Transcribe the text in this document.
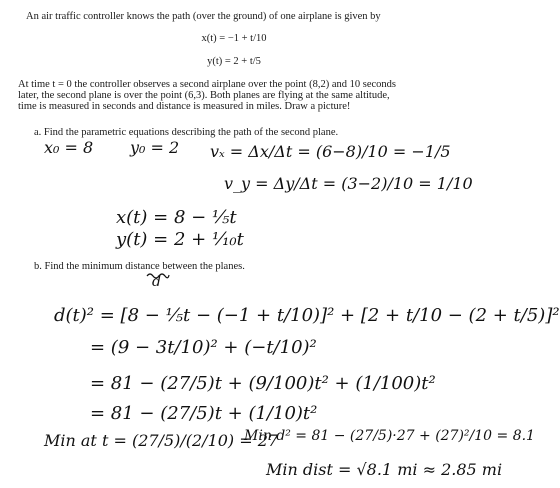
An air traffic controller knows the path (over the ground) of one airplane is given by
x(t) = −1 + t/10
y(t) = 2 + t/5
At time t = 0 the controller observes a second airplane over the point (8,2) and 10 seconds
later, the second plane is over the point (6,3). Both planes are flying at the same altitude,
time is measured in seconds and distance is measured in miles. Draw a picture!
a. Find the parametric equations describing the path of the second plane.
x₀ = 8 y₀ = 2 vₓ = Δx/Δt = (6−8)/10 = −1/5
v_y = Δy/Δt = (3−2)/10 = 1/10
x(t) = 8 − ⅕t
y(t) = 2 + ⅒t
b. Find the minimum distance between the planes.
d
d(t)² = [8 − ⅕t − (−1 + t/10)]² + [2 + t/10 − (2 + t/5)]²
= (9 − 3t/10)² + (−t/10)²
= 81 − (27/5)t + (9/100)t² + (1/100)t²
= 81 − (27/5)t + (1/10)t²
Min at t = (27/5)/(2/10) = 27
Min d² = 81 − (27/5)·27 + (27)²/10 = 8.1
Min dist = √8.1 mi ≈ 2.85 mi
